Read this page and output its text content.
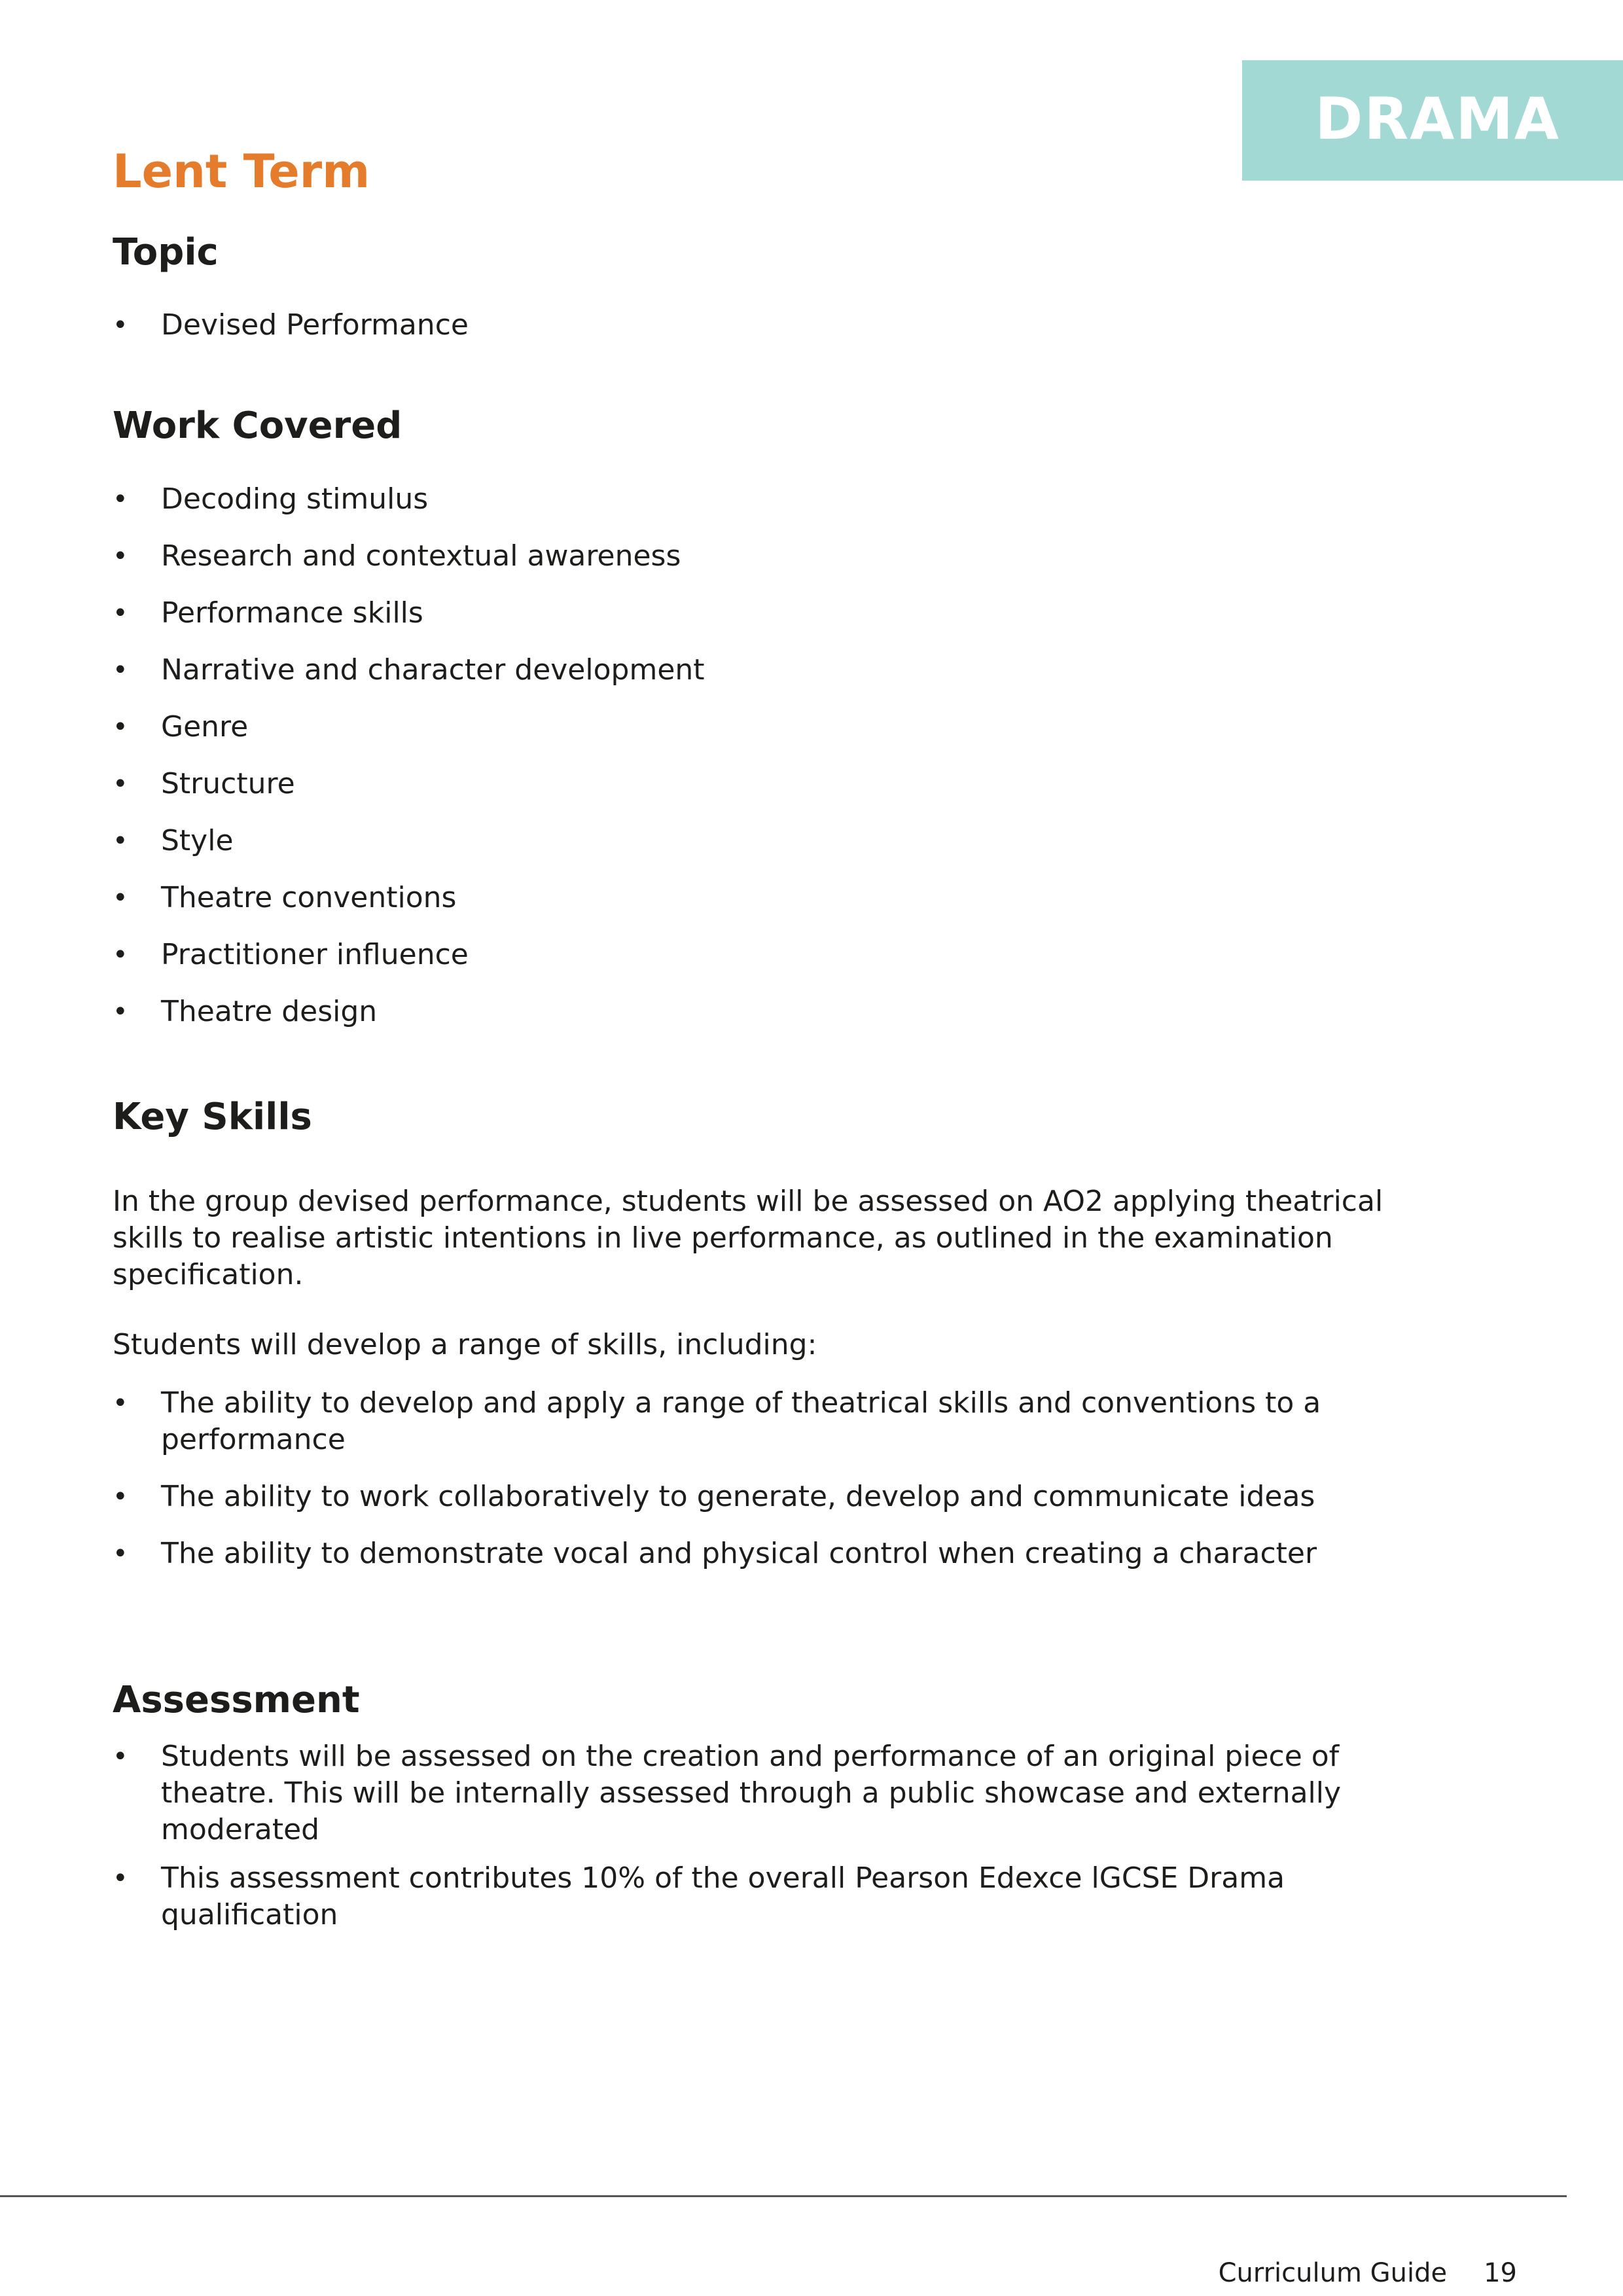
DRAMA
Lent Term
Topic
• Devised Performance
Work Covered
• Decoding stimulus
• Research and contextual awareness
• Performance skills
• Narrative and character development
• Genre
• Structure
• Style
• Theatre conventions
• Practitioner influence
• Theatre design
Key Skills

In the group devised performance, students will be assessed on AO2 applying theatrical
skills to realise artistic intentions in live performance, as outlined in the examination
specification.

Students will develop a range of skills, including:

• The ability to develop and apply a range of theatrical skills and conventions to a performance
• The ability to work collaboratively to generate, develop and communicate ideas
• The ability to demonstrate vocal and physical control when creating a character
Assessment
• Students will be assessed on the creation and performance of an original piece of theatre. This will be internally assessed through a public showcase and externally moderated
• This assessment contributes 10% of the overall Pearson Edexce lGCSE Drama qualification
Curriculum Guide 19
